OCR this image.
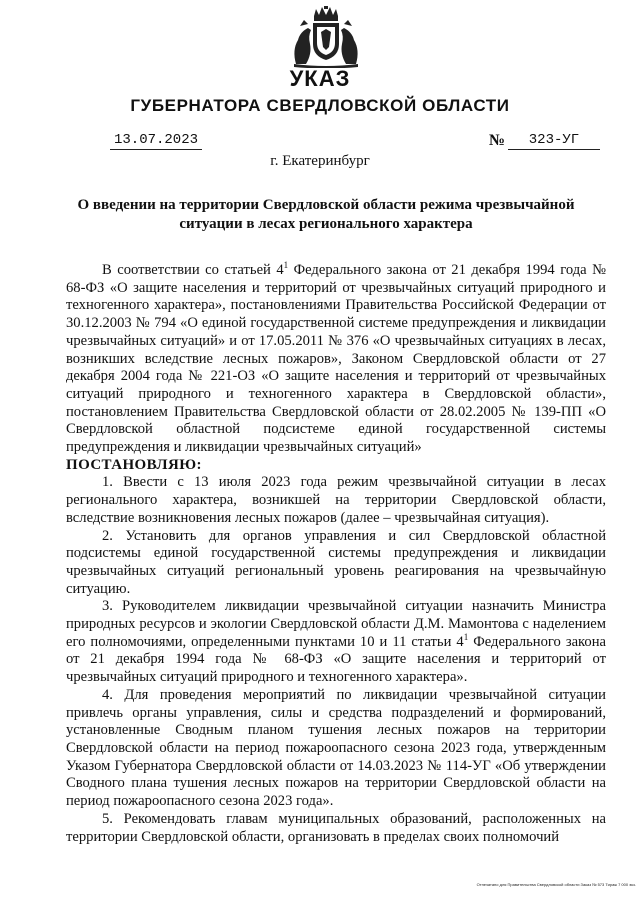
УКАЗ
ГУБЕРНАТОРА СВЕРДЛОВСКОЙ ОБЛАСТИ
13.07.2023	№	323-УГ
г. Екатеринбург
О введении на территории Свердловской области режима чрезвычайной ситуации в лесах регионального характера

В соответствии со статьей $4^1$ Федерального закона от 21 декабря 1994 года № 68-ФЗ «О защите населения и территорий от чрезвычайных ситуаций природного и техногенного характера», постановлениями Правительства Российской Федерации от 30.12.2003 № 794 «О единой государственной системе предупреждения и ликвидации чрезвычайных ситуаций» и от 17.05.2011 № 376 «О чрезвычайных ситуациях в лесах, возникших вследствие лесных пожаров», Законом Свердловской области от 27 декабря 2004 года № 221-ОЗ «О защите населения и территорий от чрезвычайных ситуаций природного и техногенного характера в Свердловской области», постановлением Правительства Свердловской области от 28.02.2005 № 139-ПП «О Свердловской областной подсистеме единой государственной системы предупреждения и ликвидации чрезвычайных ситуаций»

ПОСТАНОВЛЯЮ:

1. Ввести с 13 июля 2023 года режим чрезвычайной ситуации в лесах регионального характера, возникшей на территории Свердловской области, вследствие возникновения лесных пожаров (далее – чрезвычайная ситуация).

2. Установить для органов управления и сил Свердловской областной подсистемы единой государственной системы предупреждения и ликвидации чрезвычайных ситуаций региональный уровень реагирования на чрезвычайную ситуацию.

3. Руководителем ликвидации чрезвычайной ситуации назначить Министра природных ресурсов и экологии Свердловской области Д.М. Мамонтова с наделением его полномочиями, определенными пунктами 10 и 11 статьи $4^1$ Федерального закона от 21 декабря 1994 года № 68-ФЗ «О защите населения и территорий от чрезвычайных ситуаций природного и техногенного характера».

4. Для проведения мероприятий по ликвидации чрезвычайной ситуации привлечь органы управления, силы и средства подразделений и формирований, установленные Сводным планом тушения лесных пожаров на территории Свердловской области на период пожароопасного сезона 2023 года, утвержденным Указом Губернатора Свердловской области от 14.03.2023 № 114-УГ «Об утверждении Сводного плана тушения лесных пожаров на территории Свердловской области на период пожароопасного сезона 2023 года».

5. Рекомендовать главам муниципальных образований, расположенных на территории Свердловской области, организовать в пределах своих полномочий

Отпечатано для Правительства Свердловской области Заказ № 573 Тираж 7 000 экз.
